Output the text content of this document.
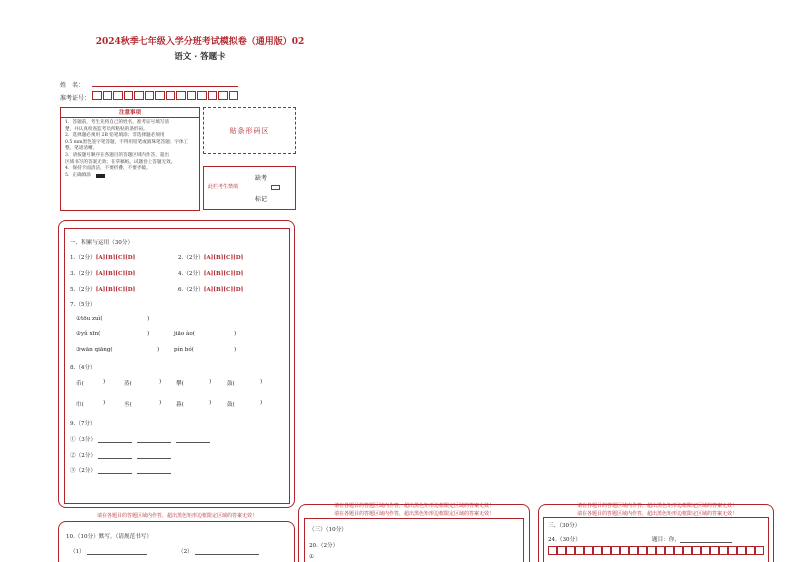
2024秋季七年级入学分班考试模拟卷（通用版）02
语文 · 答题卡
姓　名：
准考证号：
注意事项
1．答题前，考生先将自己的姓名、准考证号填写清
楚，并认真检查监考员所粘贴的条形码。
2．选择题必须用 2B 铅笔填涂；非选择题必须用
0.5 mm黑色签字笔答题，不得用铅笔或圆珠笔答题；字体工整、笔迹清晰。
3．请按题号顺序在各题目的答题区域内作答，超出
区域书写的答案无效；在草稿纸、试题卷上答题无效。
4．保持卡面清洁，不要折叠、不要弄破。
5．正确填涂
贴条形码区
此栏考生禁填
缺考
标记
一、积累与运用（30分）
1.（2分）[A][B][C][D]	2.（2分）[A][B][C][D]
3.（2分）[A][B][C][D]	4.（2分）[A][B][C][D]
5.（2分）[A][B][C][D]	6.（2分）[A][B][C][D]
7.（5分）
①tōu zuì(	)
②yǔ xīn(	)	jiāo ào(	)
③wān qiāng(	)	pín bó(	)
8.（4分）
币(	)	蒸(	)	攀(	)	鼓(	)
巾(	)	丞(	)	暮(	)	鼓(	)
9.（7分）
①（3分）
②（2分）
③（2分）
请在各题目的答题区域内作答，超出黑色矩形边框限定区域的答案无效！
10.（10分）默写。（请规范书写）
（1）	（2）
请在各题目的答题区域内作答，超出黑色矩形边框限定区域的答案无效！
请在各题目的答题区域内作答，超出黑色矩形边框限定区域的答案无效！
（三）（10分）
20.（2分）
①
请在各题目的答题区域内作答，超出黑色矩形边框限定区域的答案无效！
请在各题目的答题区域内作答，超出黑色矩形边框限定区域的答案无效！
三、（30分）
24.（30分）	题目：你，
